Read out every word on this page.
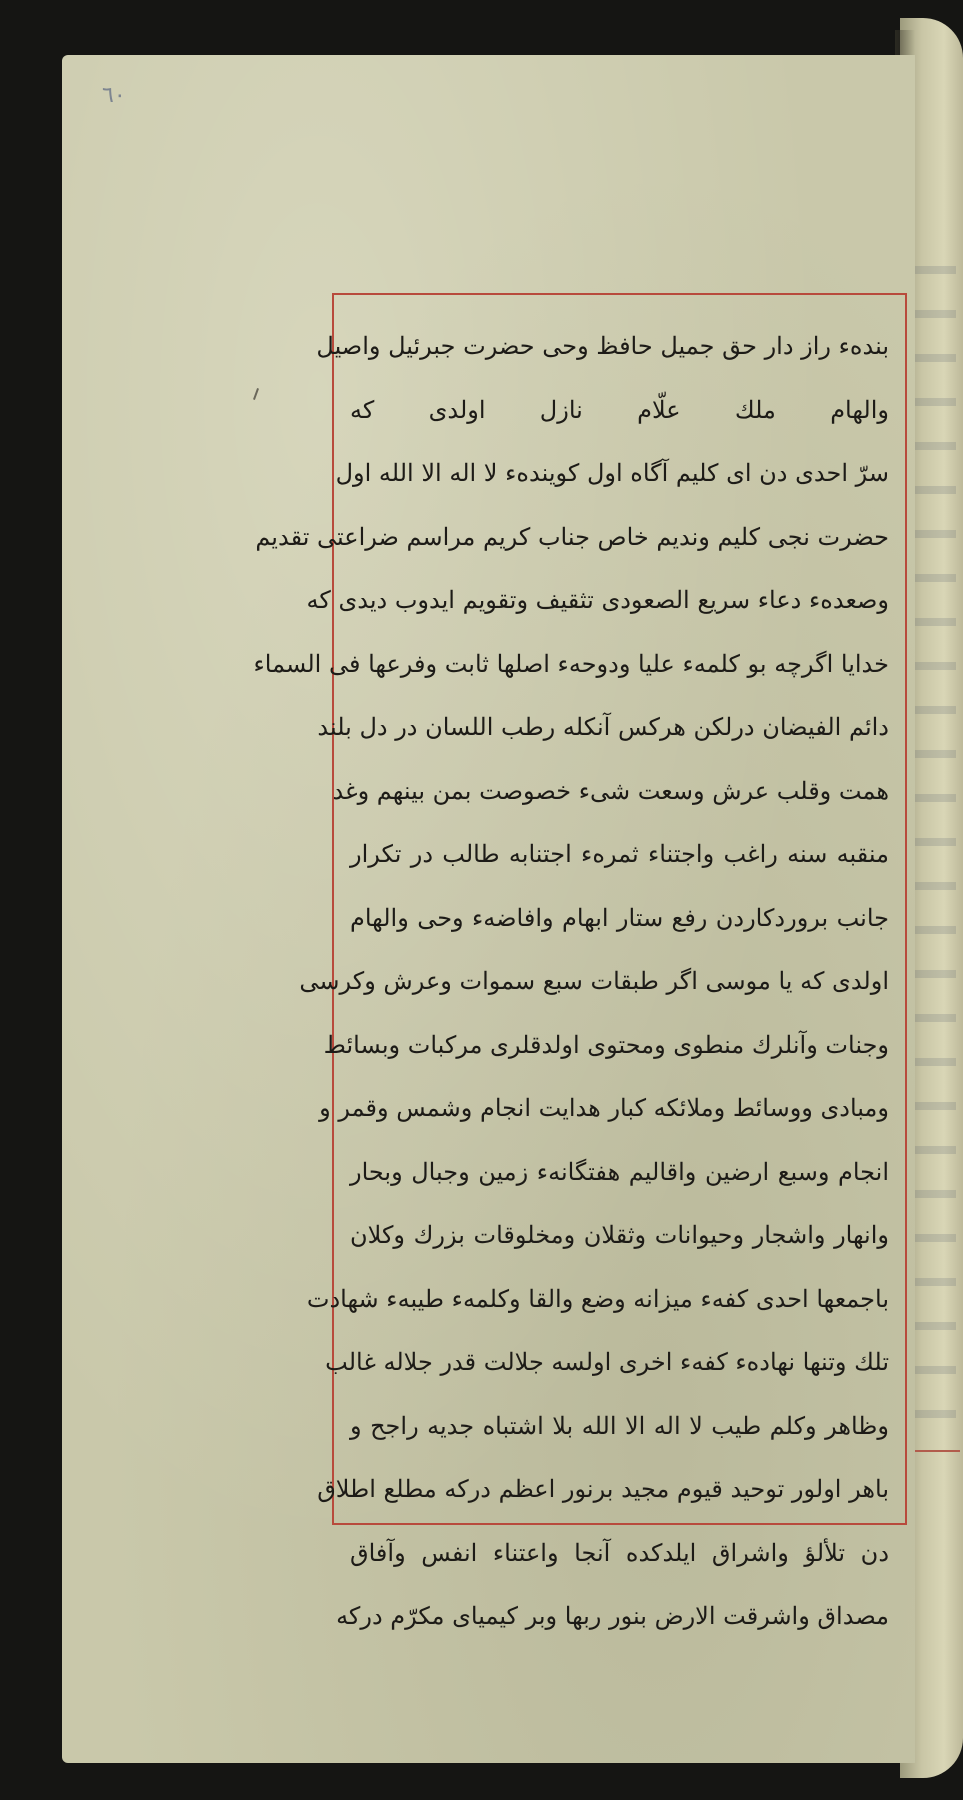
٦٠
بنده‌ء راز دار حق جمیل حافظ وحی حضرت جبرئیل واصیل
والهام ملك علّام نازل اولدی که
سرّ احدی دن ای کلیم آگاه اول کوینده‌ء لا اله الا الله اول
حضرت نجی کلیم وندیم خاص جناب کریم مراسم ضراعتی تقدیم
وصعده‌ء دعاء سریع الصعودی تثقیف وتقویم ایدوب دیدی که
خدایا اگرچه بو کلمه‌ء علیا ودوحه‌ء اصلها ثابت وفرعها فی السماء
دائم الفیضان درلکن هرکس آنکله رطب اللسان در دل بلند
همت وقلب عرش وسعت شیء خصوصت بمن بینهم وغد
منقبه سنه راغب واجتناء ثمره‌ء اجتنابه طالب در تکرار
جانب بروردکاردن رفع ستار ابهام وافاضه‌ء وحی والهام
اولدی که یا موسی اگر طبقات سبع سموات وعرش وکرسی
وجنات وآنلرك منطوی ومحتوی اولدقلری مرکبات وبسائط
ومبادی ووسائط وملائکه کبار هدایت انجام وشمس وقمر و
انجام وسبع ارضین واقالیم هفتگانه‌ء زمین وجبال وبحار
وانهار واشجار وحیوانات وثقلان ومخلوقات بزرك وکلان
باجمعها احدی کفه‌ء میزانه وضع والقا وکلمه‌ء طیبه‌ء شهادت
تلك وتنها نهاده‌ء کفه‌ء اخری اولسه جلالت قدر جلاله غالب
وظاهر وکلم طیب لا اله الا الله بلا اشتباه جدیه راجح و
باهر اولور توحید قیوم مجید برنور اعظم درکه مطلع اطلاق
دن تلألؤ واشراق ایلدکده آنجا واعتناء انفس وآفاق
مصداق واشرقت الارض بنور ربها وبر کیمیای مکرّم درکه
